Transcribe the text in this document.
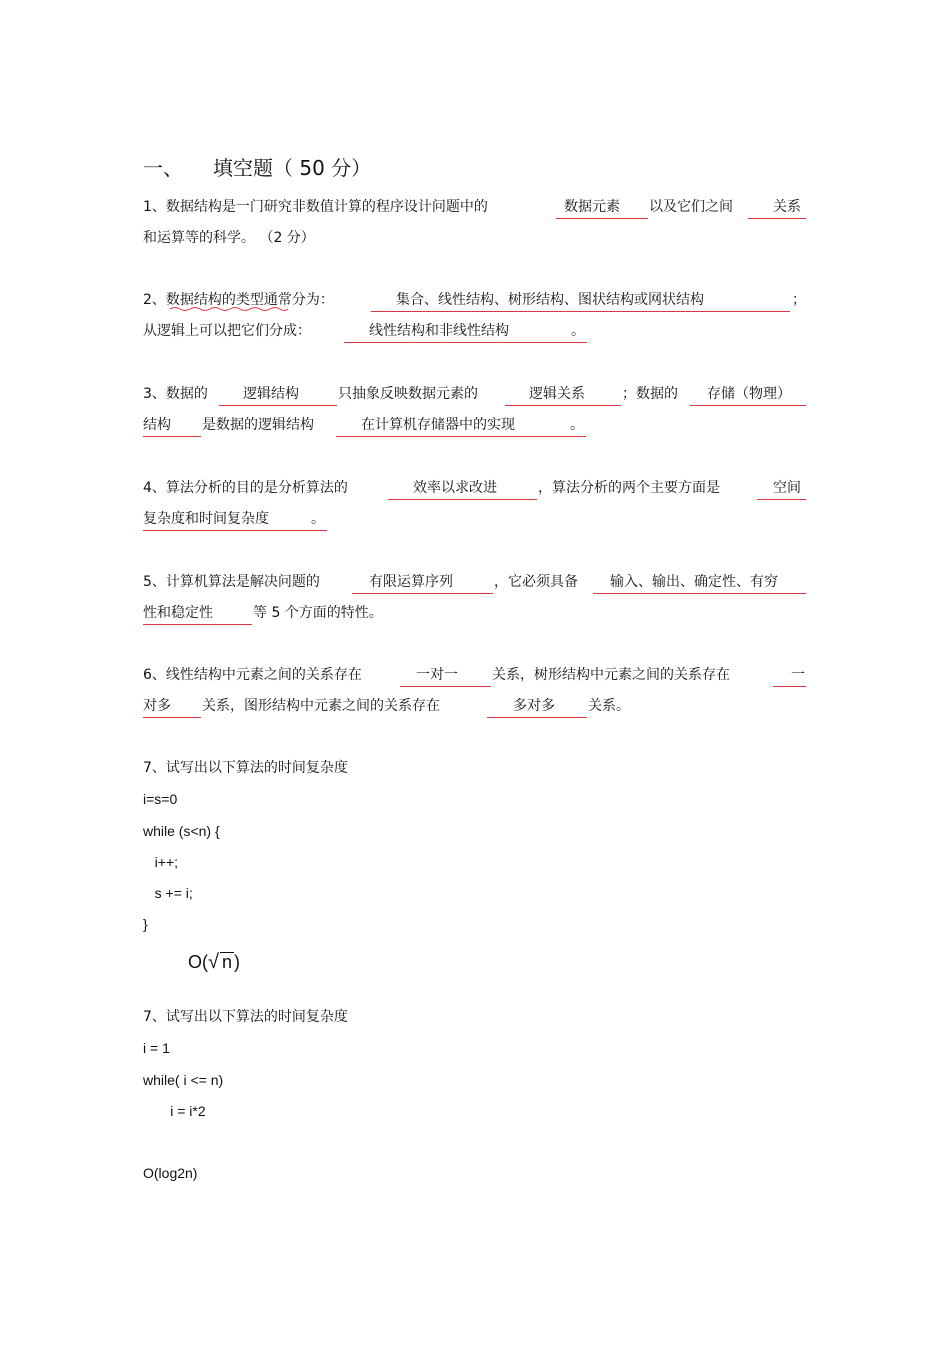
一、 填空题（ 50 分）
1、数据结构是一门研究非数值计算的程序设计问题中的	数据元素	以及它们之间	关系
和运算等的科学。 （2 分）
2、数据结构的类型通常分为：	集合、线性结构、树形结构、图状结构或网状结构	；
从逻辑上可以把它们分成：	线性结构和非线性结构	。
3、数据的	逻辑结构	只抽象反映数据元素的	逻辑关系	；数据的	存储（物理）
结构	是数据的逻辑结构	在计算机存储器中的实现	。
4、算法分析的目的是分析算法的	效率以求改进	，算法分析的两个主要方面是	空间
复杂度和时间复杂度	。
5、计算机算法是解决问题的	有限运算序列	，它必须具备	输入、输出、确定性、有穷
性和稳定性	等 5 个方面的特性。
6、线性结构中元素之间的关系存在	一对一	关系，树形结构中元素之间的关系存在	一
对多	关系，图形结构中元素之间的关系存在	多对多	关系。
7、试写出以下算法的时间复杂度
i=s=0
while (s<n) {
i++;
s += i;
}
O(√ n )
7、试写出以下算法的时间复杂度
i = 1
while( i <= n)
i = i*2
O(log2n)
